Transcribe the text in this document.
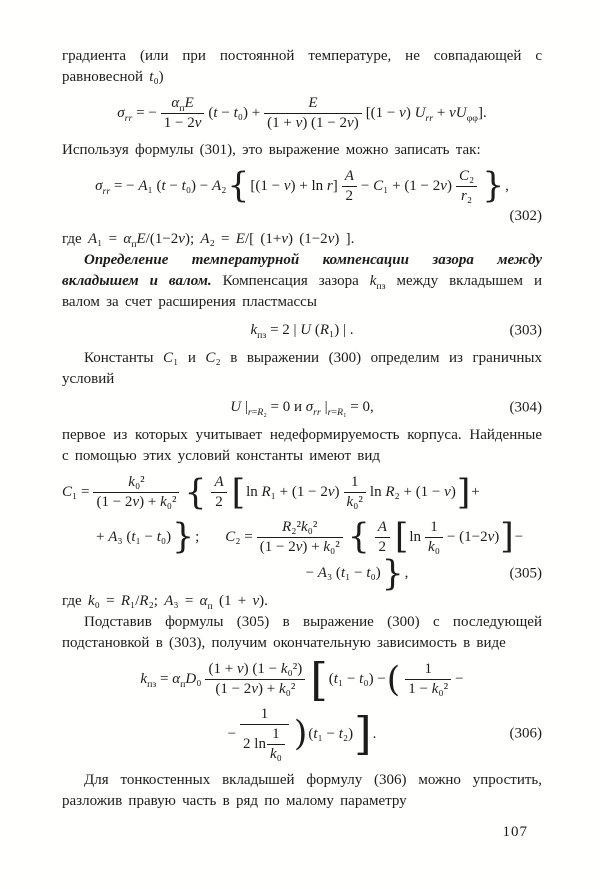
градиента (или при постоянной температуре, не совпадающей с равновесной t₀)

$\sigma_{rr}$ = − $\frac{\alpha_пE}{1 - 2\nu} (t - t_0) + \frac{E}{(1 + \nu) (1 - 2\nu)} [(1 - \nu) U_{rr} + \nu U_{\varphi\varphi}]$.

Используя формулы (301), это выражение можно записать так:

$\sigma_{rr}$ = − A₁ (t − t₀) − A₂ { $[(1 - \nu) + \ln r] \frac{A}{2} - C_1 + (1 - 2\nu) \frac{\text{C₂}}{\text{r₂}}$ } ,
(302)

где $A_1 = \alpha_пE/(1-2\nu)$; A₂ = E/[ (1+ν) (1−2ν) ].

Определение температурной компенсации зазора между вкладышем и валом. Компенсация зазора $k_{пз}$ между вкладышем и валом за счет расширения пластмассы

$k_{пз} = 2$ | U (R₁) | .	(303)

Константы C₁ и C₂ в выражении (300) определим из граничных условий

U $|_{r=R_2} = 0$ и $\sigma_{rr}$ $|_{r=R_1} = 0$,	(304)

первое из которых учитывает недеформируемость корпуса. Найденные с помощью этих условий константы имеют вид

$C_1 = \frac{\text{k₀²}}{\text{(1 − 2ν) + k₀²}}$ { $\frac{A}{2}$ [ $\ln R_1 + (1 - 2\nu) \frac{1}{\text{k₀²}}$ ln R₂ + (1 − ν) ] +
+ A₃ (t₁ − t₀) } ; $C_2 = \frac{\text{R₂²k₀²}}{\text{(1 − 2ν) + k₀²}}$ { $\frac{A}{2}$ [ $\ln \frac{1}{\text{k₀}} - (1-2\nu)$ ] −
− A₃ (t₁ − t₀) } ,	(305)

где k₀ = R₁/R₂; $A_3 = \alpha_п$ (1 + ν).

Подставив формулы (305) в выражение (300) с последующей подстановкой в (303), получим окончательную зависимость в виде

$k_{пз} = \alpha_пD_0 \frac{\text{(1 + ν) (1 − k₀²)}}{\text{(1 − 2ν) + k₀²}}$ [ (t₁ − t₀) − ( $\frac{1}{\text{1 − k₀²}}$ −
− $\frac{1}{2 \ln \frac{1}{\text{k₀}}}$ ) (t₁ − t₂) ] .	(306)

Для тонкостенных вкладышей формулу (306) можно упростить, разложив правую часть в ряд по малому параметру

107
